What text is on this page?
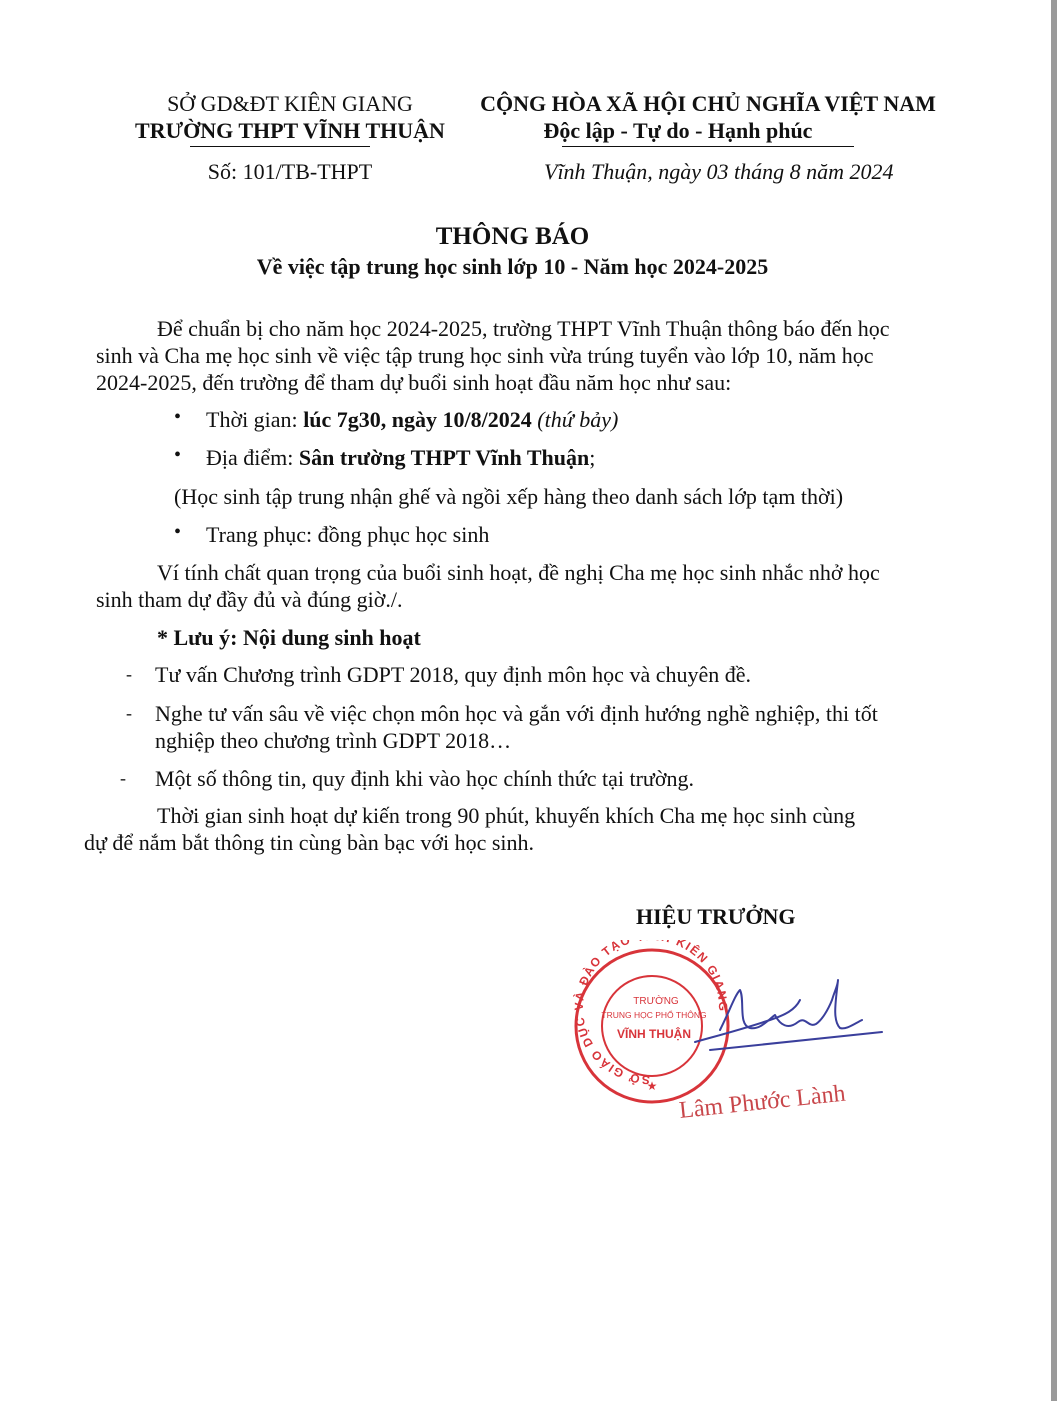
SỞ GD&ĐT KIÊN GIANG
TRƯỜNG THPT VĨNH THUẬN
Số: 101/TB-THPT
CỘNG HÒA XÃ HỘI CHỦ NGHĨA VIỆT NAM
Độc lập - Tự do - Hạnh phúc
Vĩnh Thuận, ngày 03 tháng 8 năm 2024
THÔNG BÁO
Về việc tập trung học sinh lớp 10 - Năm học 2024-2025
Để chuẩn bị cho năm học 2024-2025, trường THPT Vĩnh Thuận thông báo đến học
sinh và Cha mẹ học sinh về việc tập trung học sinh vừa trúng tuyển vào lớp 10, năm học
2024-2025, đến trường để tham dự buổi sinh hoạt đầu năm học như sau:
• Thời gian: lúc 7g30, ngày 10/8/2024 (thứ bảy)
• Địa điểm: Sân trường THPT Vĩnh Thuận;
(Học sinh tập trung nhận ghế và ngồi xếp hàng theo danh sách lớp tạm thời)
• Trang phục: đồng phục học sinh
Ví tính chất quan trọng của buổi sinh hoạt, đề nghị Cha mẹ học sinh nhắc nhở học
sinh tham dự đầy đủ và đúng giờ./.
* Lưu ý: Nội dung sinh hoạt
- Tư vấn Chương trình GDPT 2018, quy định môn học và chuyên đề.
- Nghe tư vấn sâu về việc chọn môn học và gắn với định hướng nghề nghiệp, thi tốt
nghiệp theo chương trình GDPT 2018…
- Một số thông tin, quy định khi vào học chính thức tại trường.
Thời gian sinh hoạt dự kiến trong 90 phút, khuyến khích Cha mẹ học sinh cùng
dự để nắm bắt thông tin cùng bàn bạc với học sinh.
HIỆU TRƯỞNG
SỞ GIÁO DỤC VÀ ĐÀO TẠO KIÊN GIANG
TRƯỜNG
TRUNG HỌC PHỔ THÔNG
VĨNH THUẬN
★ Lâm Phước Lành
